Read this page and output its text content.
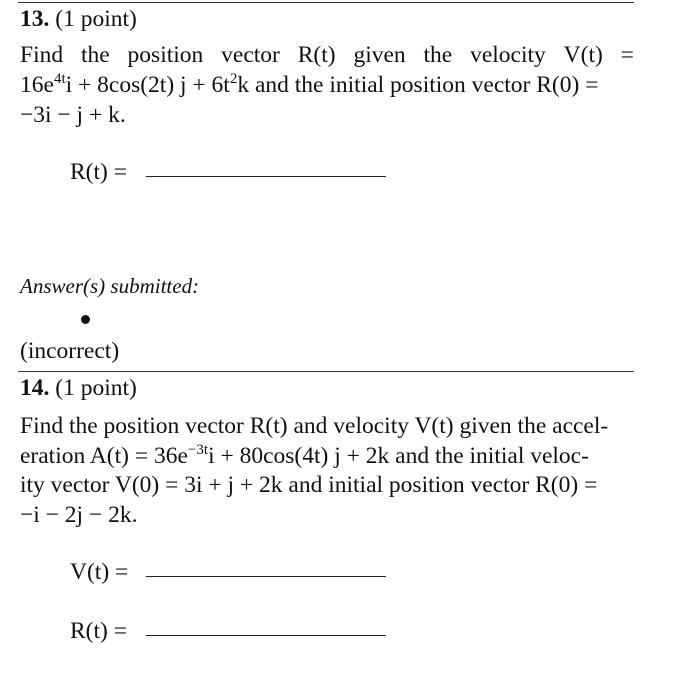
13. (1 point)
Find the position vector R(t) given the velocity V(t) =
$16e^{4t}i + 8\cos(2t) j + 6t^2k$ and the initial position vector R(0) =
−3i − j + k.
R(t) =
Answer(s) submitted:
(incorrect)
14. (1 point)
Find the position vector R(t) and velocity V(t) given the accel-
eration $A(t) = 36e^{-3t}i + 80\cos(4t) j + 2k$ and the initial veloc-
ity vector V(0) = 3i + j + 2k and initial position vector R(0) =
−i − 2j − 2k.
V(t) =
R(t) =
